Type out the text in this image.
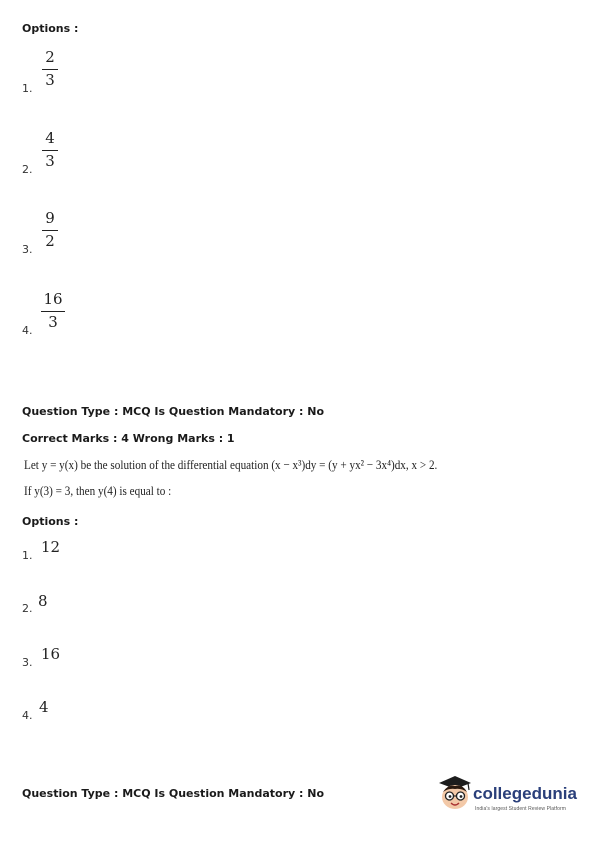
Options :
1.
2
3
2.
4
3
3.
9
2
4.
16
3
Question Type : MCQ Is Question Mandatory : No
Correct Marks : 4 Wrong Marks : 1
Let y = y(x) be the solution of the differential equation (x − x³)dy = (y + yx² − 3x⁴)dx, x > 2.
If y(3) = 3, then y(4) is equal to :
Options :
1. 12
2. 8
3. 16
4. 4
Question Type : MCQ Is Question Mandatory : No	collegedunia
India's largest Student Review Platform
